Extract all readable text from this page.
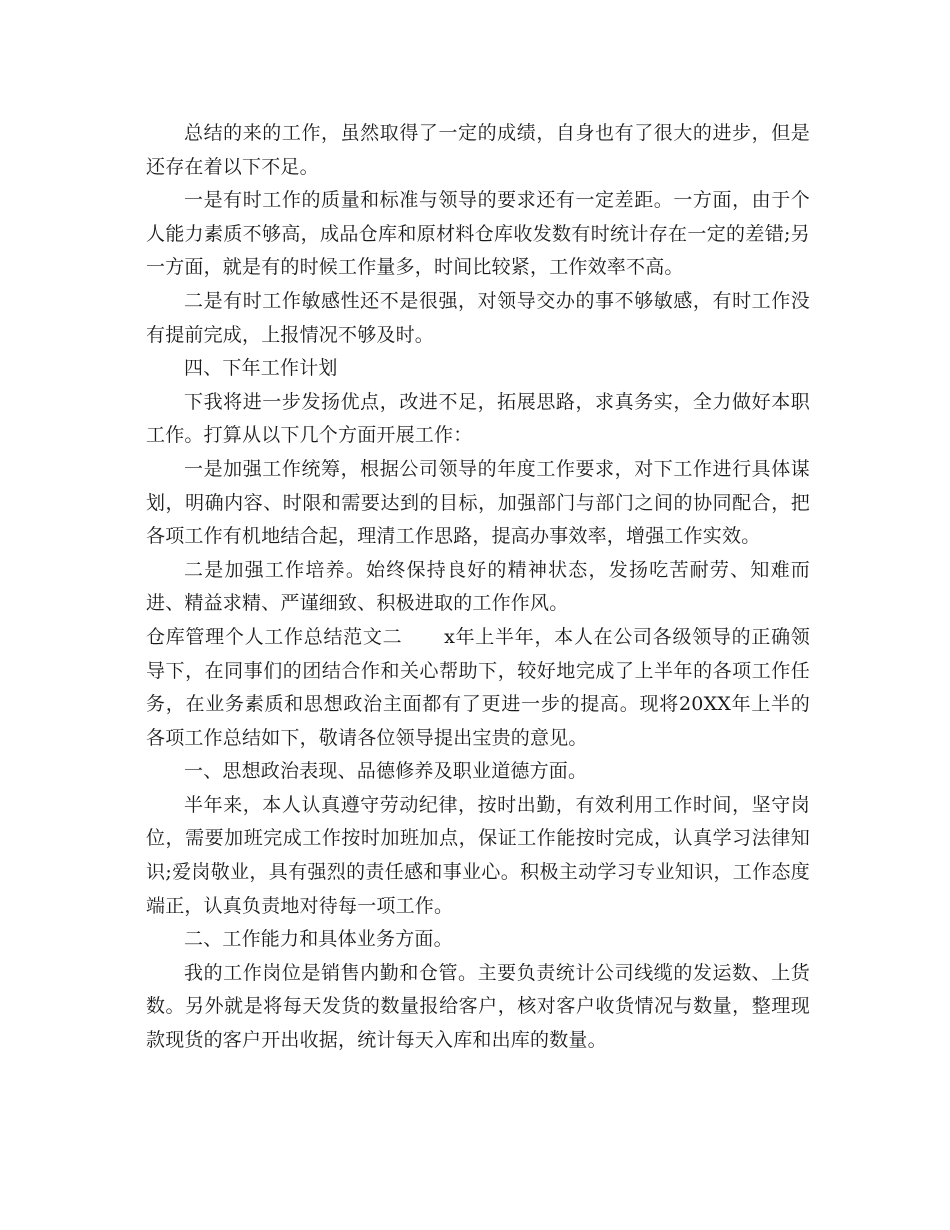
总结的来的工作，虽然取得了一定的成绩，自身也有了很大的进步，但是还存在着以下不足。

一是有时工作的质量和标准与领导的要求还有一定差距。一方面，由于个人能力素质不够高，成品仓库和原材料仓库收发数有时统计存在一定的差错;另一方面，就是有的时候工作量多，时间比较紧，工作效率不高。

二是有时工作敏感性还不是很强，对领导交办的事不够敏感，有时工作没有提前完成，上报情况不够及时。

四、下年工作计划

下我将进一步发扬优点，改进不足，拓展思路，求真务实，全力做好本职工作。打算从以下几个方面开展工作：

一是加强工作统筹，根据公司领导的年度工作要求，对下工作进行具体谋划，明确内容、时限和需要达到的目标，加强部门与部门之间的协同配合，把各项工作有机地结合起，理清工作思路，提高办事效率，增强工作实效。

二是加强工作培养。始终保持良好的精神状态，发扬吃苦耐劳、知难而进、精益求精、严谨细致、积极进取的工作作风。

仓库管理个人工作总结范文二 x年上半年，本人在公司各级领导的正确领导下，在同事们的团结合作和关心帮助下，较好地完成了上半年的各项工作任务，在业务素质和思想政治主面都有了更进一步的提高。现将20XX年上半的各项工作总结如下，敬请各位领导提出宝贵的意见。

一、思想政治表现、品德修养及职业道德方面。

半年来，本人认真遵守劳动纪律，按时出勤，有效利用工作时间，坚守岗位，需要加班完成工作按时加班加点，保证工作能按时完成，认真学习法律知识;爱岗敬业，具有强烈的责任感和事业心。积极主动学习专业知识，工作态度端正，认真负责地对待每一项工作。

二、工作能力和具体业务方面。

我的工作岗位是销售内勤和仓管。主要负责统计公司线缆的发运数、上货数。另外就是将每天发货的数量报给客户，核对客户收货情况与数量，整理现款现货的客户开出收据，统计每天入库和出库的数量。
